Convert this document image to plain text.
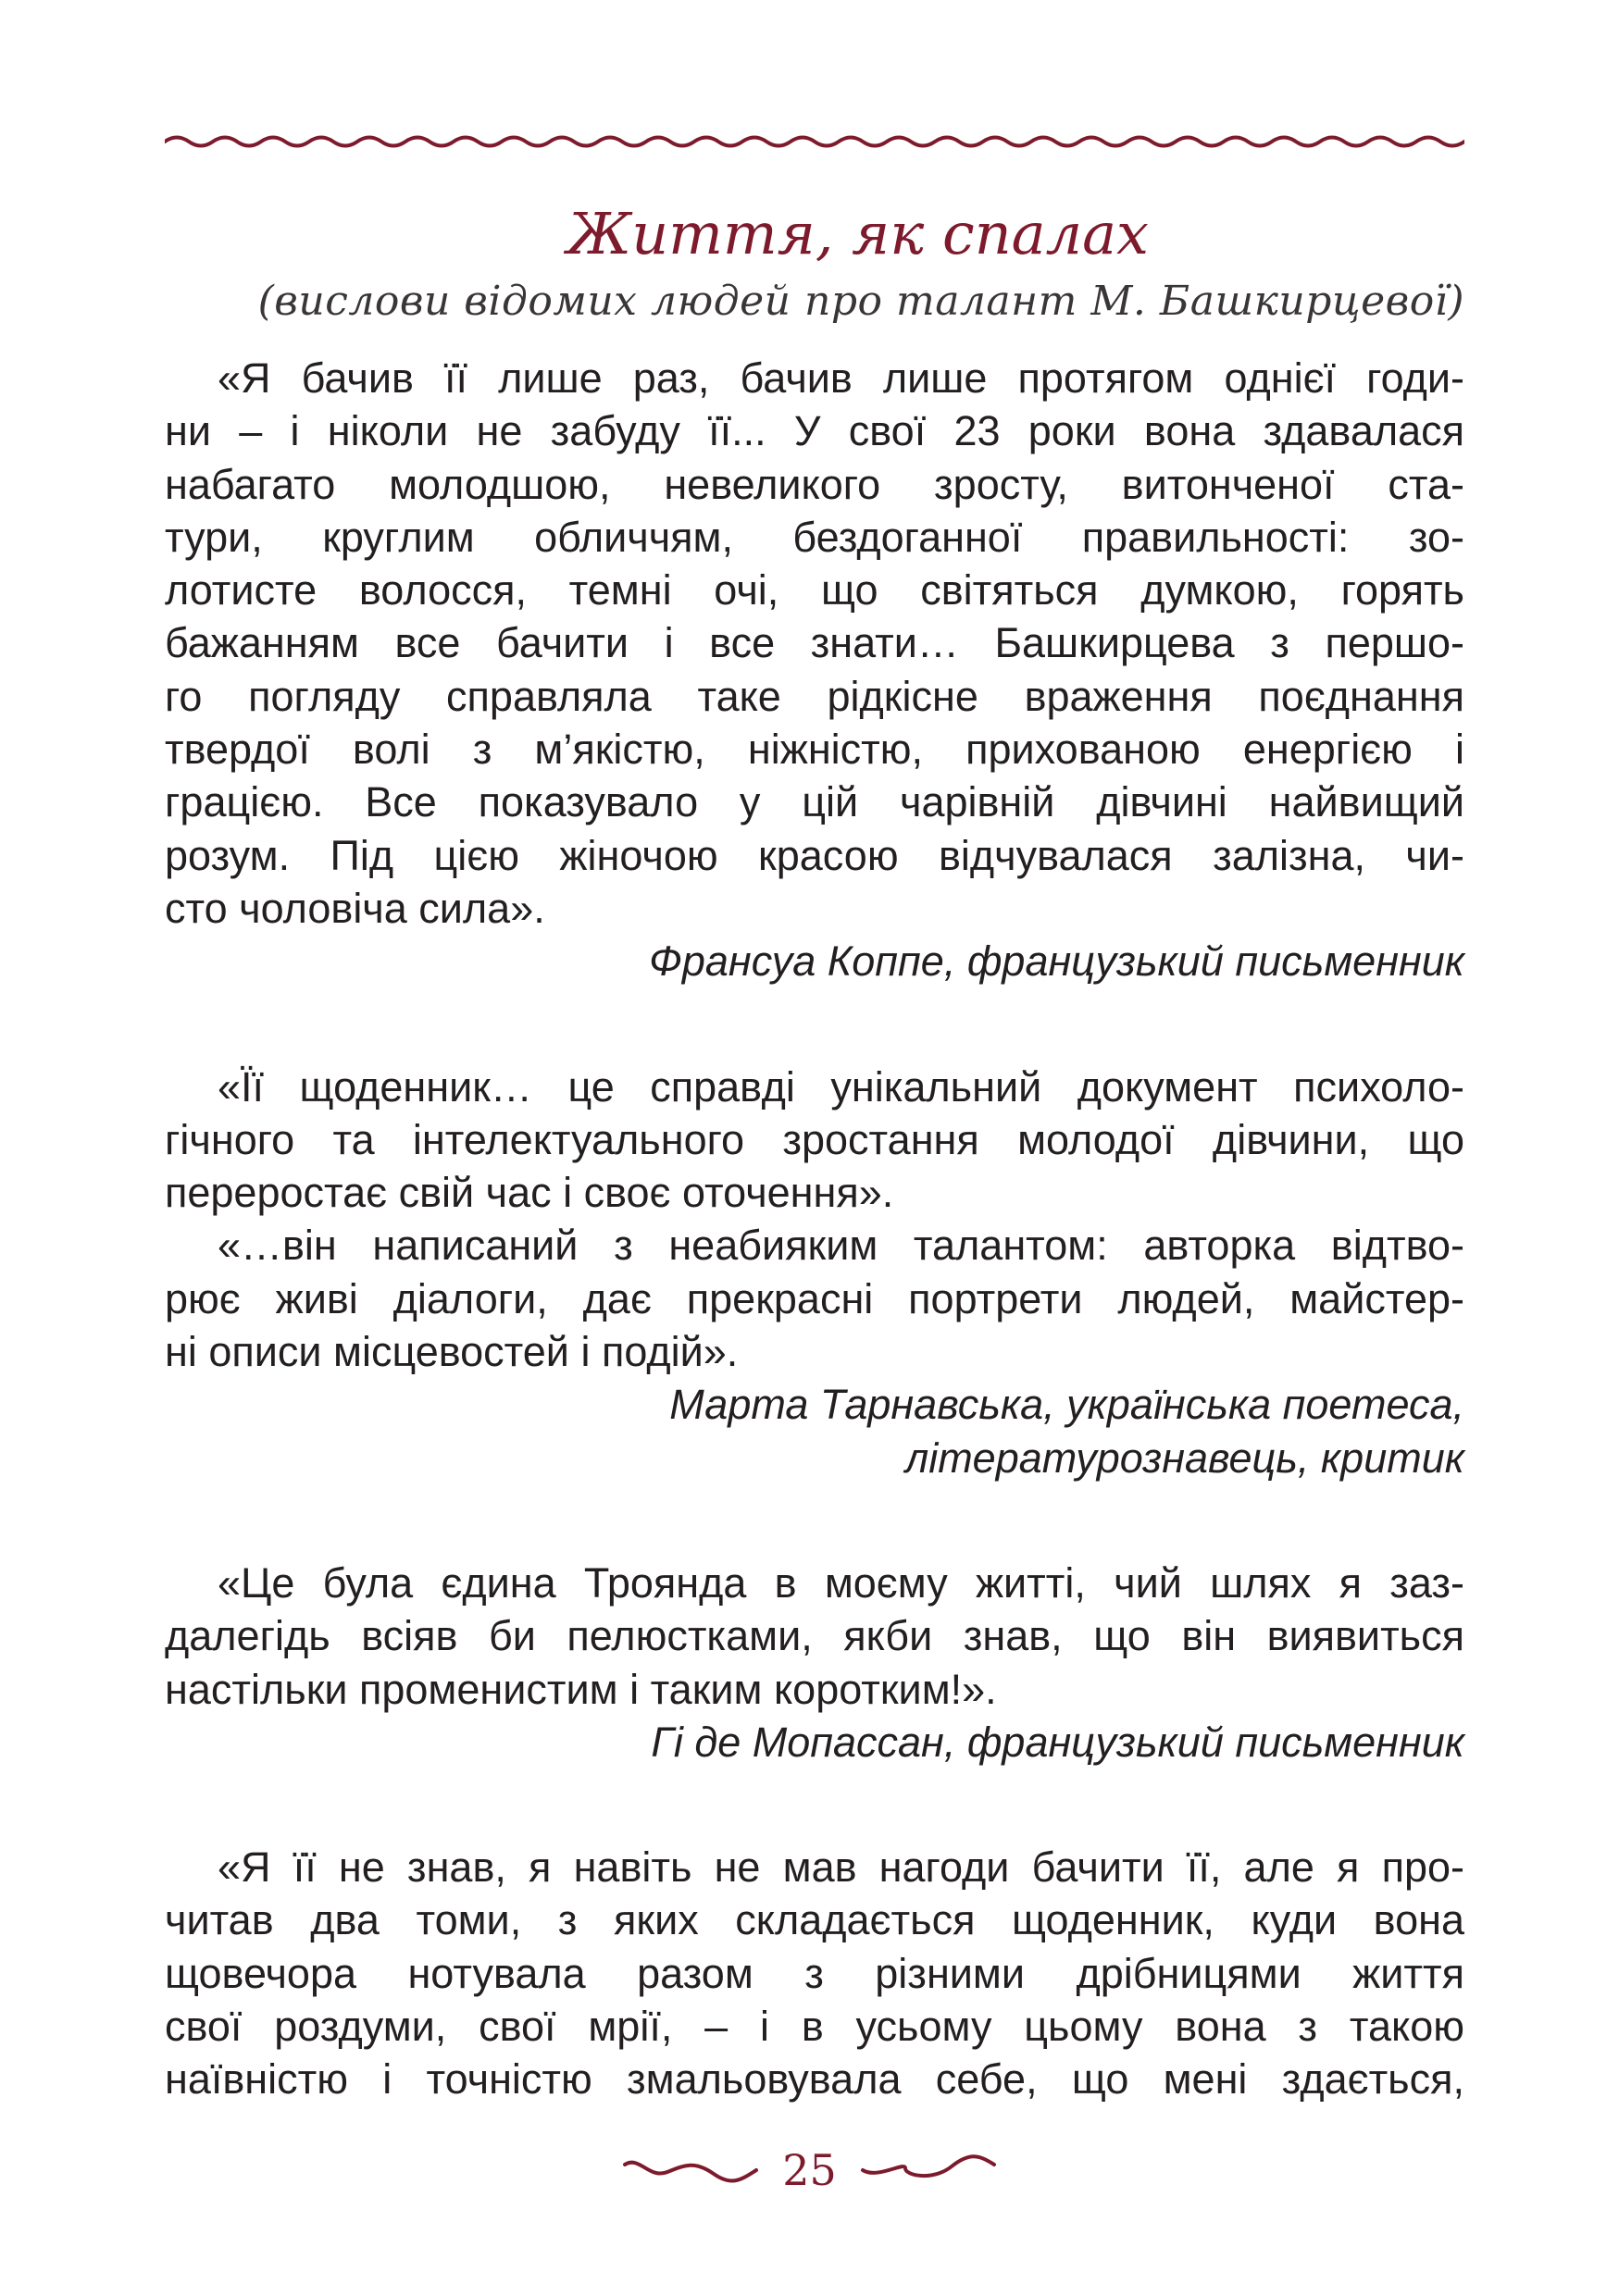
Життя, як спалах
(вислови відомих людей про талант М. Башкирцевої)
«Я бачив її лише раз, бачив лише протягом однієї годи-
ни – і ніколи не забуду її... У свої 23 роки вона здавалася
набагато молодшою, невеликого зросту, витонченої ста-
тури, круглим обличчям, бездоганної правильності: зо-
лотисте волосся, темні очі, що світяться думкою, горять
бажанням все бачити і все знати… Башкирцева з першо-
го погляду справляла таке рідкісне враження поєднання
твердої волі з м’якістю, ніжністю, прихованою енергією і
грацією. Все показувало у цій чарівній дівчині найвищий
розум. Під цією жіночою красою відчувалася залізна, чи-
сто чоловіча сила».
Франсуа Коппе, французький письменник
«Її щоденник… це справді унікальний документ психоло-
гічного та інтелектуального зростання молодої дівчини, що
переростає свій час і своє оточення».
«…він написаний з неабияким талантом: авторка відтво-
рює живі діалоги, дає прекрасні портрети людей, майстер-
ні описи місцевостей і подій».
Марта Тарнавська, українська поетеса,
літературознавець, критик
«Це була єдина Троянда в моєму житті, чий шлях я заз-
далегідь всіяв би пелюстками, якби знав, що він виявиться
настільки променистим і таким коротким!».
Гі де Мопассан, французький письменник
«Я її не знав, я навіть не мав нагоди бачити її, але я про-
читав два томи, з яких складається щоденник, куди вона
щовечора нотувала разом з різними дрібницями життя
свої роздуми, свої мрії, – і в усьому цьому вона з такою
наївністю і точністю змальовувала себе, що мені здається,
25
